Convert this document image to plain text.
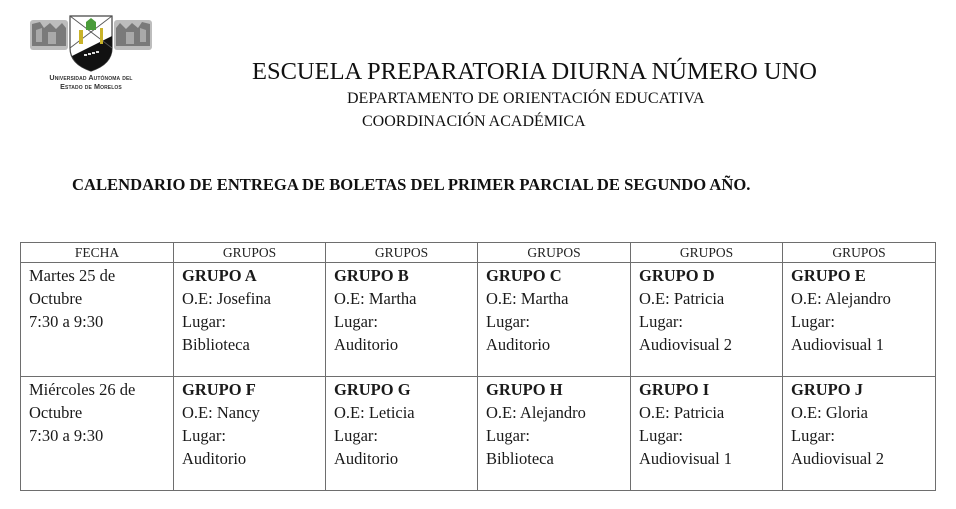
Universidad Autónoma del
Estado de Morelos
ESCUELA PREPARATORIA DIURNA NÚMERO UNO
DEPARTAMENTO DE ORIENTACIÓN EDUCATIVA
COORDINACIÓN ACADÉMICA
CALENDARIO DE ENTREGA DE BOLETAS DEL PRIMER PARCIAL DE SEGUNDO AÑO.
FECHA	GRUPOS	GRUPOS	GRUPOS	GRUPOS	GRUPOS

Martes 25 de
Octubre
7:30 a 9:30	GRUPO A
O.E: Josefina
Lugar:
Biblioteca	GRUPO B
O.E: Martha
Lugar:
Auditorio	GRUPO C
O.E: Martha
Lugar:
Auditorio	GRUPO D
O.E: Patricia
Lugar:
Audiovisual 2	GRUPO E
O.E: Alejandro
Lugar:
Audiovisual 1

Miércoles 26 de
Octubre
7:30 a 9:30	GRUPO F
O.E: Nancy
Lugar:
Auditorio	GRUPO G
O.E: Leticia
Lugar:
Auditorio	GRUPO H
O.E: Alejandro
Lugar:
Biblioteca	GRUPO I
O.E: Patricia
Lugar:
Audiovisual 1	GRUPO J
O.E: Gloria
Lugar:
Audiovisual 2
